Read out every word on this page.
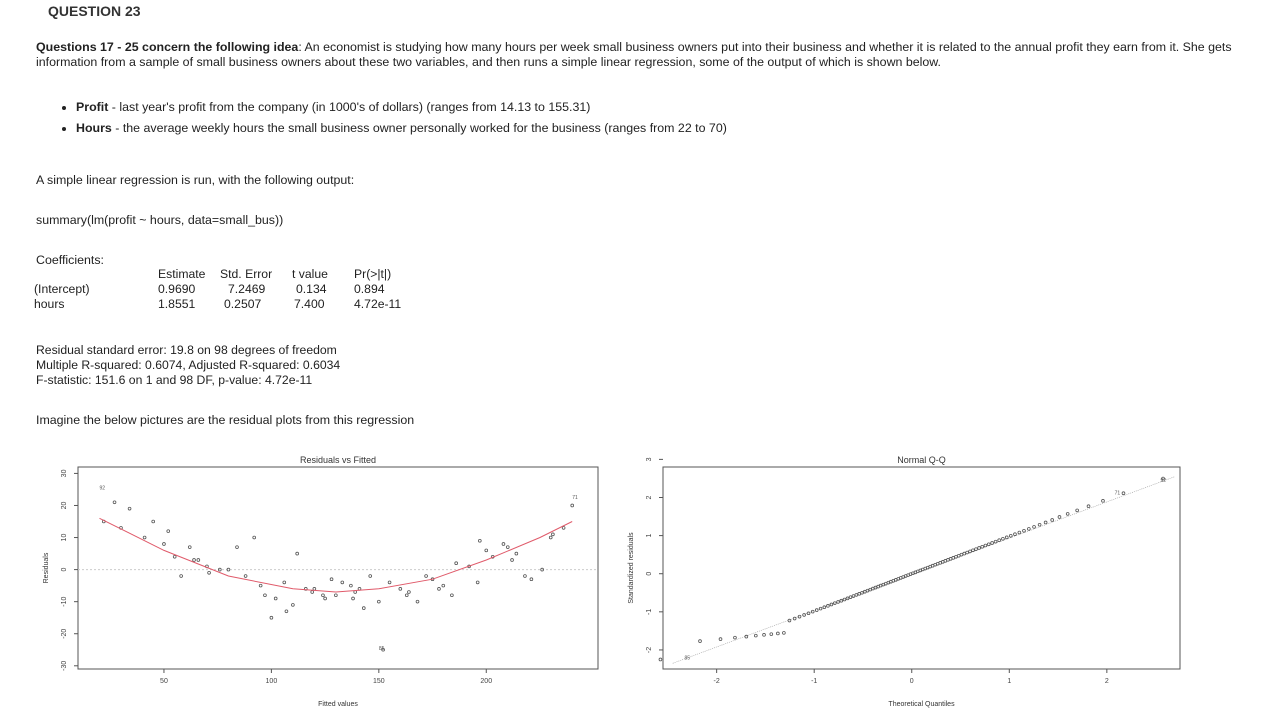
QUESTION 23
Questions 17 - 25 concern the following idea: An economist is studying how many hours per week small business owners put into their business and whether it is related to the annual profit they earn from it. She gets information from a sample of small business owners about these two variables, and then runs a simple linear regression, some of the output of which is shown below.
• Profit - last year's profit from the company (in 1000's of dollars) (ranges from 14.13 to 155.31)
• Hours - the average weekly hours the small business owner personally worked for the business (ranges from 22 to 70)
A simple linear regression is run, with the following output:
summary(lm(profit ~ hours, data=small_bus))
Coefficients:
	Estimate	Std. Error	t value	Pr(>|t|)
(Intercept)	0.9690	7.2469	0.134	0.894
hours	1.8551	0.2507	7.400	4.72e-11
Residual standard error: 19.8 on 98 degrees of freedom
Multiple R-squared: 0.6074, Adjusted R-squared: 0.6034
F-statistic: 151.6 on 1 and 98 DF, p-value: 4.72e-11
Imagine the below pictures are the residual plots from this regression
Residuals vs Fitted
50	100	150	200
-30
-20
-10
0
10
20
30
Fitted values
Residuals
92
71
85
Normal Q-Q
-2	-1	0	1	2
-2
-1
0
1
2
3
Theoretical Quantiles
Standardized residuals
85
71
92
